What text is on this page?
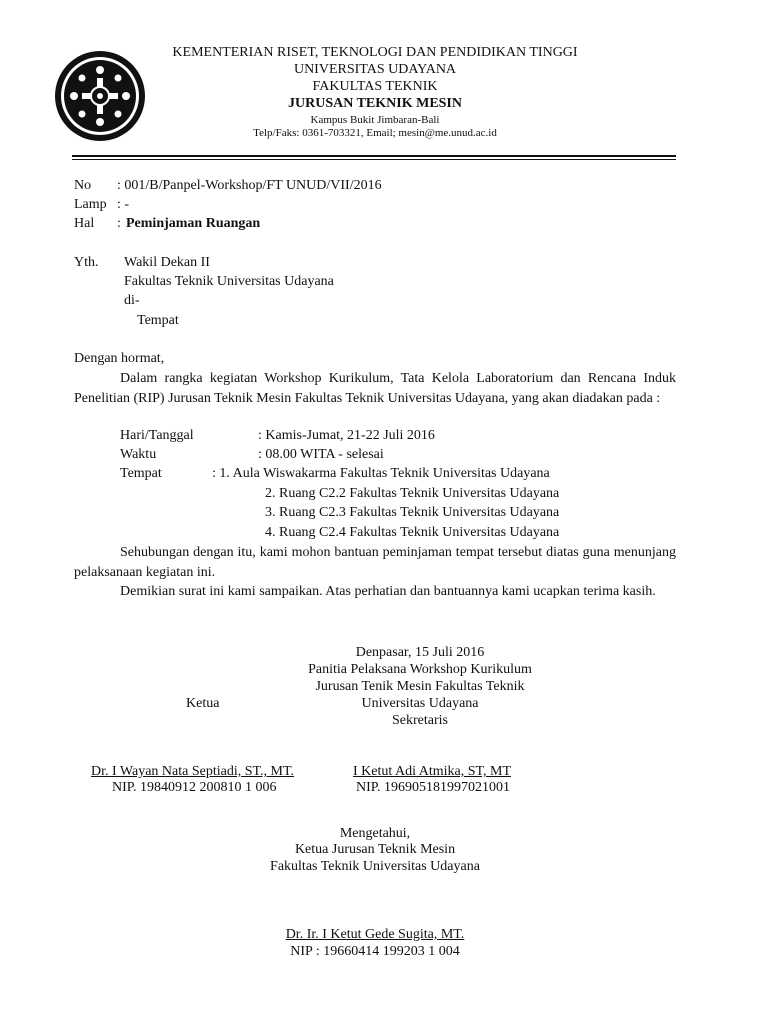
KEMENTERIAN RISET, TEKNOLOGI DAN PENDIDIKAN TINGGI
UNIVERSITAS UDAYANA
FAKULTAS TEKNIK
JURUSAN TEKNIK MESIN
Kampus Bukit Jimbaran-Bali
Telp/Faks: 0361-703321, Email; mesin@me.unud.ac.id
No : 001/B/Panpel-Workshop/FT UNUD/VII/2016
Lamp : -
Hal : Peminjaman Ruangan
Yth. Wakil Dekan II
Fakultas Teknik Universitas Udayana
di-
Tempat
Dengan hormat,
Dalam rangka kegiatan Workshop Kurikulum, Tata Kelola Laboratorium dan Rencana Induk Penelitian (RIP) Jurusan Teknik Mesin Fakultas Teknik Universitas Udayana, yang akan diadakan pada :
Hari/Tanggal	: Kamis-Jumat, 21-22 Juli 2016
Waktu	: 08.00 WITA - selesai
Tempat	: 1. Aula Wiswakarma Fakultas Teknik Universitas Udayana
2. Ruang C2.2 Fakultas Teknik Universitas Udayana
3. Ruang C2.3 Fakultas Teknik Universitas Udayana
4. Ruang C2.4 Fakultas Teknik Universitas Udayana
Sehubungan dengan itu, kami mohon bantuan peminjaman tempat tersebut diatas guna menunjang pelaksanaan kegiatan ini.
Demikian surat ini kami sampaikan. Atas perhatian dan bantuannya kami ucapkan terima kasih.
Denpasar, 15 Juli 2016
Panitia Pelaksana Workshop Kurikulum
Jurusan Tenik Mesin Fakultas Teknik
Universitas Udayana
Ketua
Sekretaris
Dr. I Wayan Nata Septiadi, ST., MT.
NIP. 19840912 200810 1 006
I Ketut Adi Atmika, ST, MT
NIP. 196905181997021001
Mengetahui,
Ketua Jurusan Teknik Mesin
Fakultas Teknik Universitas Udayana
Dr. Ir. I Ketut Gede Sugita, MT.
NIP : 19660414 199203 1 004
